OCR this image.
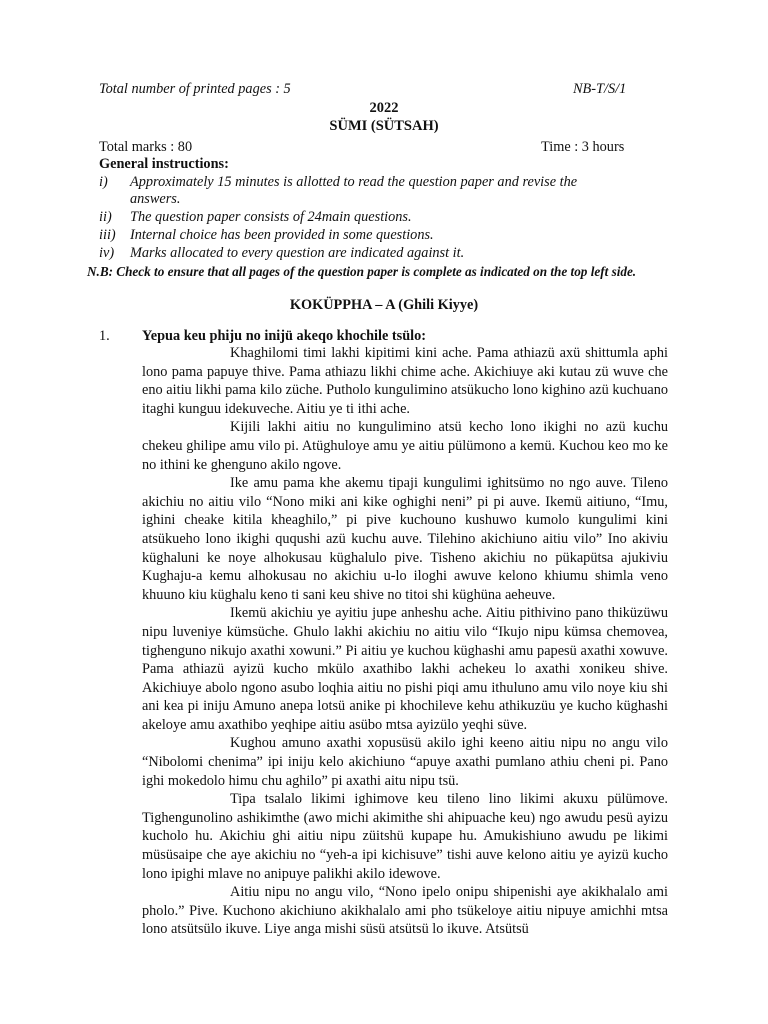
Total number of printed pages : 5	NB-T/S/1
2022
SÜMI (SÜTSAH)
Total marks : 80	Time : 3 hours
General instructions:
i) Approximately 15 minutes is allotted to read the question paper and revise the
answers.
ii) The question paper consists of 24main questions.
iii) Internal choice has been provided in some questions.
iv) Marks allocated to every question are indicated against it.
N.B: Check to ensure that all pages of the question paper is complete as indicated on the top left side.
KOKÜPPHA – A (Ghili Kiyye)
1. Yepua keu phiju no inijü akeqo khochile tsülo:

Khaghilomi timi lakhi kipitimi kini ache. Pama athiazü axü shittumla aphi lono pama papuye thive. Pama athiazu likhi chime ache. Akichiuye aki kutau zü wuve che eno aitiu likhi pama kilo züche. Putholo kungulimino atsükucho lono kighino azü kuchuano itaghi kunguu idekuveche. Aitiu ye ti ithi ache.

Kijili lakhi aitiu no kungulimino atsü kecho lono ikighi no azü kuchu chekeu ghilipe amu vilo pi. Atüghuloye amu ye aitiu pülümono a kemü. Kuchou keo mo ke no ithini ke ghenguno akilo ngove.

Ike amu pama khe akemu tipaji kungulimi ighitsümo no ngo auve. Tileno akichiu no aitiu vilo “Nono miki ani kike oghighi neni” pi pi auve. Ikemü aitiuno, “Imu, ighini cheake kitila kheaghilo,” pi pive kuchouno kushuwo kumolo kungulimi kini atsükueho lono ikighi ququshi azü kuchu auve. Tilehino akichiuno aitiu vilo” Ino akiviu küghaluni ke noye alhokusau küghalulo pive. Tisheno akichiu no pükapütsa ajukiviu Kughaju-a kemu alhokusau no akichiu u-lo iloghi awuve kelono khiumu shimla veno khuuno kiu küghalu keno ti sani keu shive no titoi shi küghüna aeheuve.

Ikemü akichiu ye ayitiu jupe anheshu ache. Aitiu pithivino pano thiküzüwu nipu luveniye kümsüche. Ghulo lakhi akichiu no aitiu vilo “Ikujo nipu kümsa chemovea, tighenguno nikujo axathi xowuni.” Pi aitiu ye kuchou küghashi amu papesü axathi xowuve. Pama athiazü ayizü kucho mkülo axathibo lakhi achekeu lo axathi xonikeu shive. Akichiuye abolo ngono asubo loqhia aitiu no pishi piqi amu ithuluno amu vilo noye kiu shi ani kea pi iniju Amuno anepa lotsü anike pi khochileve kehu athikuzüu ye kucho küghashi akeloye amu axathibo yeqhipe aitiu asübo mtsa ayizülo yeqhi süve.

Kughou amuno axathi xopusüsü akilo ighi keeno aitiu nipu no angu vilo “Nibolomi chenima” ipi iniju kelo akichiuno “apuye axathi pumlano athiu cheni pi. Pano ighi mokedolo himu chu aghilo” pi axathi aitu nipu tsü.

Tipa tsalalo likimi ighimove keu tileno lino likimi akuxu pülümove. Tighengunolino ashikimthe (awo michi akimithe shi ahipuache keu) ngo awudu pesü ayizu kucholo hu. Akichiu ghi aitiu nipu züitshü kupape hu. Amukishiuno awudu pe likimi müsüsaipe che aye akichiu no “yeh-a ipi kichisuve” tishi auve kelono aitiu ye ayizü kucho lono ipighi mlave no anipuye palikhi akilo idewove.

Aitiu nipu no angu vilo, “Nono ipelo onipu shipenishi aye akikhalalo ami pholo.” Pive. Kuchono akichiuno akikhalalo ami pho tsükeloye aitiu nipuye amichhi mtsa lono atsütsülo ikuve. Liye anga mishi süsü atsütsü lo ikuve. Atsütsü
